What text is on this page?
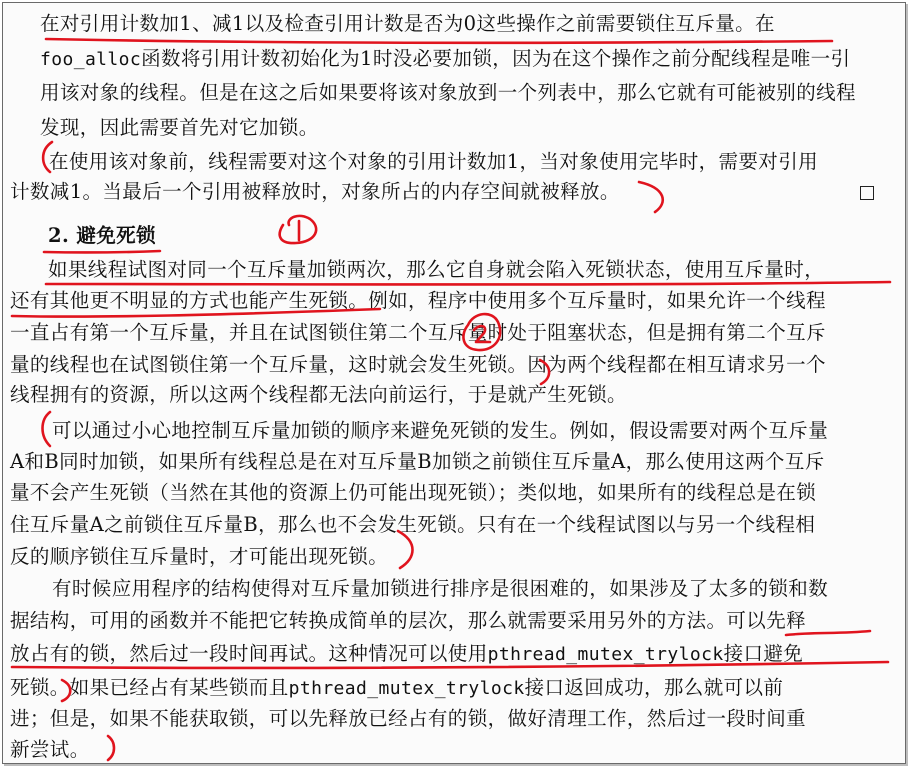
在对引用计数加1、减1以及检查引用计数是否为0这些操作之前需要锁住互斥量。在
foo_alloc函数将引用计数初始化为1时没必要加锁，因为在这个操作之前分配线程是唯一引
用该对象的线程。但是在这之后如果要将该对象放到一个列表中，那么它就有可能被别的线程
发现，因此需要首先对它加锁。
在使用该对象前，线程需要对这个对象的引用计数加1，当对象使用完毕时，需要对引用
计数减1。当最后一个引用被释放时，对象所占的内存空间就被释放。
2. 避免死锁
如果线程试图对同一个互斥量加锁两次，那么它自身就会陷入死锁状态，使用互斥量时，
还有其他更不明显的方式也能产生死锁。例如，程序中使用多个互斥量时，如果允许一个线程
一直占有第一个互斥量，并且在试图锁住第二个互斥量时处于阻塞状态，但是拥有第二个互斥
量的线程也在试图锁住第一个互斥量，这时就会发生死锁。因为两个线程都在相互请求另一个
线程拥有的资源，所以这两个线程都无法向前运行，于是就产生死锁。
可以通过小心地控制互斥量加锁的顺序来避免死锁的发生。例如，假设需要对两个互斥量
A和B同时加锁，如果所有线程总是在对互斥量B加锁之前锁住互斥量A，那么使用这两个互斥
量不会产生死锁（当然在其他的资源上仍可能出现死锁）；类似地，如果所有的线程总是在锁
住互斥量A之前锁住互斥量B，那么也不会发生死锁。只有在一个线程试图以与另一个线程相
反的顺序锁住互斥量时，才可能出现死锁。
有时候应用程序的结构使得对互斥量加锁进行排序是很困难的，如果涉及了太多的锁和数
据结构，可用的函数并不能把它转换成简单的层次，那么就需要采用另外的方法。可以先释
放占有的锁，然后过一段时间再试。这种情况可以使用pthread_mutex_trylock接口避免
死锁。如果已经占有某些锁而且pthread_mutex_trylock接口返回成功，那么就可以前
进；但是，如果不能获取锁，可以先释放已经占有的锁，做好清理工作，然后过一段时间重
新尝试。
